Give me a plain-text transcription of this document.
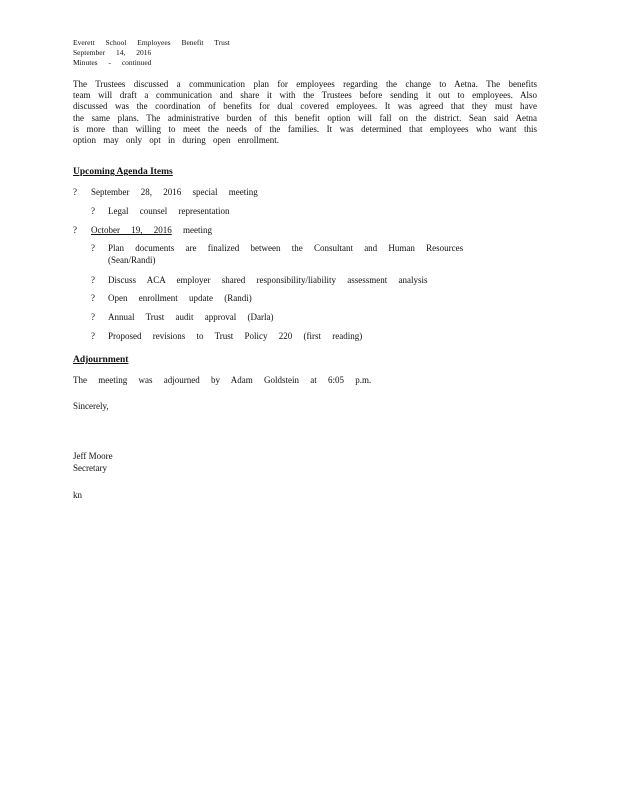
Everett School Employees Benefit Trust
September 14, 2016
Minutes - continued
The Trustees discussed a communication plan for employees regarding the change to Aetna. The benefits team will draft a communication and share it with the Trustees before sending it out to employees. Also discussed was the coordination of benefits for dual covered employees. It was agreed that they must have the same plans. The administrative burden of this benefit option will fall on the district. Sean said Aetna is more than willing to meet the needs of the families. It was determined that employees who want this option may only opt in during open enrollment.
Upcoming Agenda Items
? September 28, 2016 special meeting
? Legal counsel representation
? October 19, 2016 meeting
? Plan documents are finalized between the Consultant and Human Resources
(Sean/Randi)
? Discuss ACA employer shared responsibility/liability assessment analysis
? Open enrollment update (Randi)
? Annual Trust audit approval (Darla)
? Proposed revisions to Trust Policy 220 (first reading)
Adjournment
The meeting was adjourned by Adam Goldstein at 6:05 p.m.
Sincerely,
Jeff Moore
Secretary
kn
